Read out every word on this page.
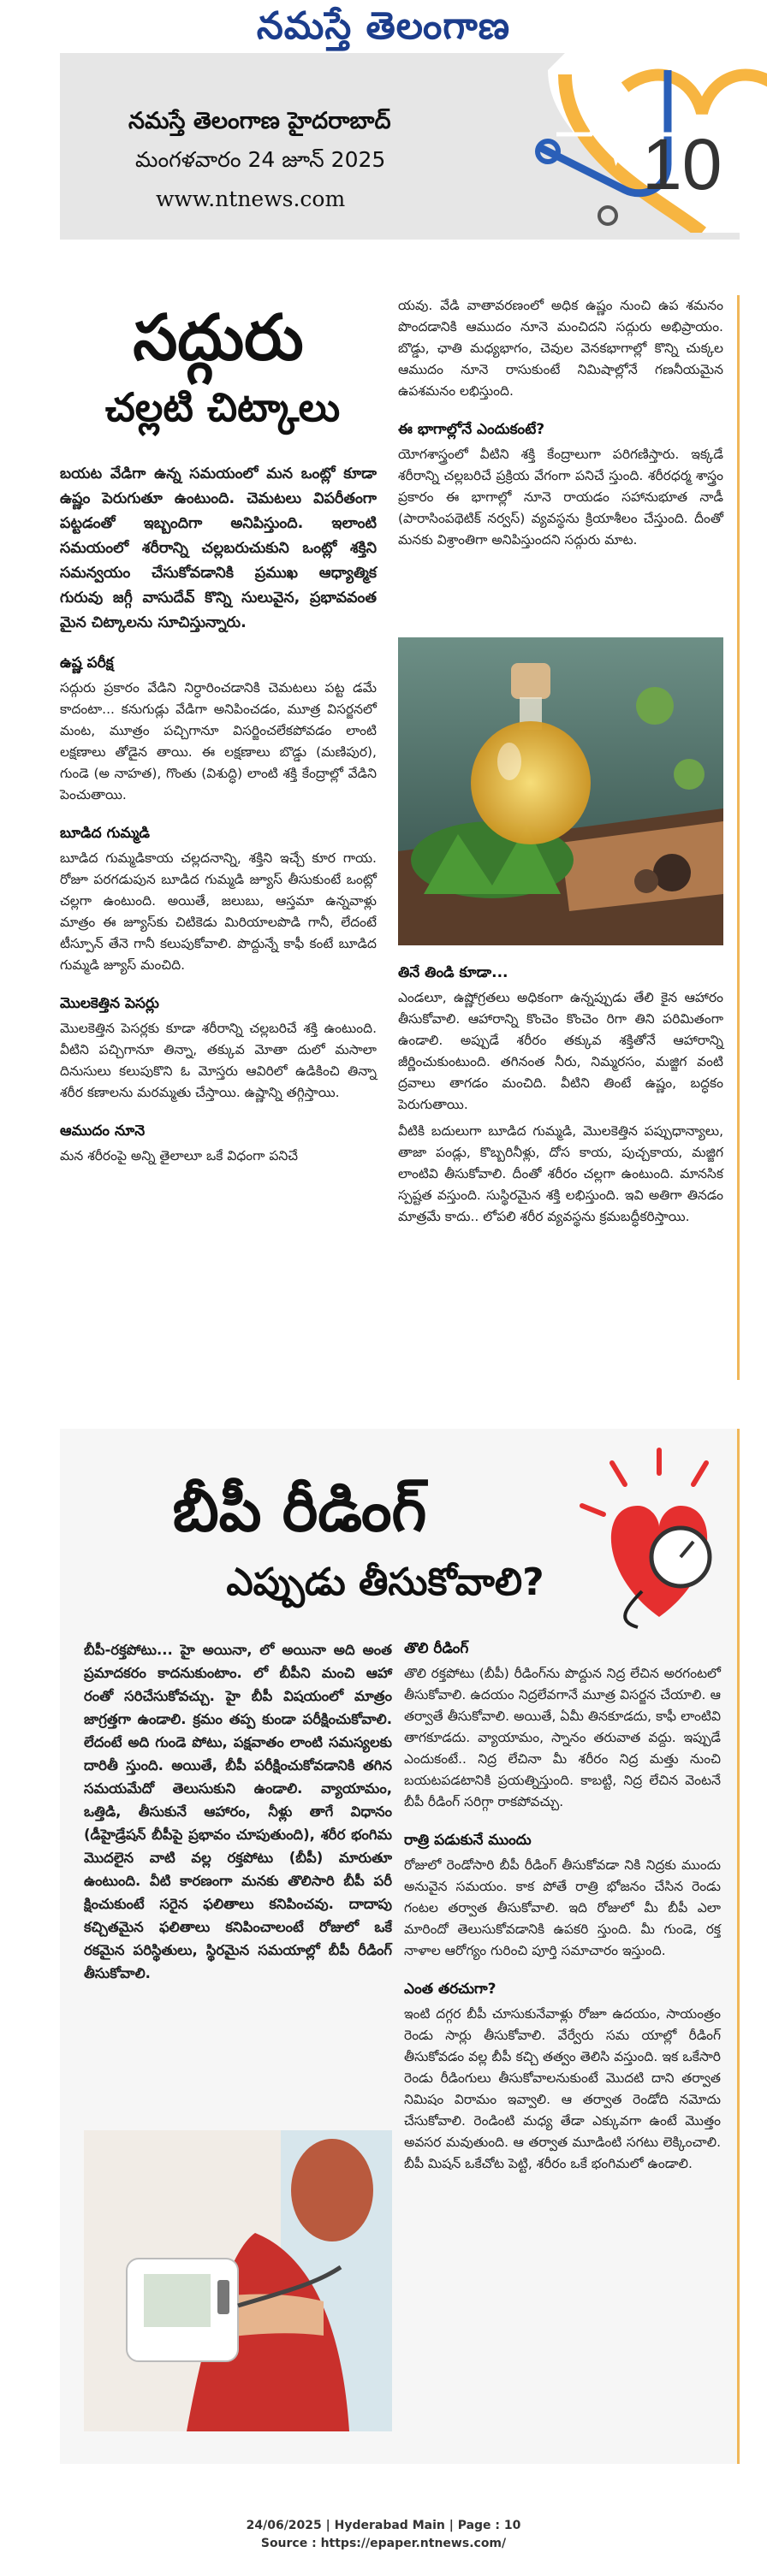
నమస్తే తెలంగాణ
నమస్తే తెలంగాణ హైదరాబాద్
మంగళవారం 24 జూన్ 2025
www.ntnews.com	10
సద్గురు
చల్లటి చిట్కాలు

బయట వేడిగా ఉన్న సమయంలో మన ఒంట్లో కూడా ఉష్ణం పెరుగుతూ ఉంటుంది. చెమటలు విపరీతంగా పట్టడంతో ఇబ్బందిగా అనిపిస్తుంది. ఇలాంటి సమయంలో శరీరాన్ని చల్లబరుచుకుని ఒంట్లో శక్తిని సమన్వయం చేసుకోవడానికి ప్రముఖ ఆధ్యాత్మిక గురువు జగ్గీ వాసుదేవ్ కొన్ని సులువైన, ప్రభావవంత మైన చిట్కాలను సూచిస్తున్నారు.

ఉష్ణ పరీక్ష

సద్గురు ప్రకారం వేడిని నిర్ధారించడానికి చెమటలు పట్ట డమే కాదంటా... కనుగుడ్లు వేడిగా అనిపించడం, మూత్ర విసర్జనలో మంట, మూత్రం పచ్చిగానూ విసర్జించలేకపోవడం లాంటి లక్షణాలు తోడైన తాయి. ఈ లక్షణాలు బొడ్డు (మణిపుర), గుండె (అ నాహత), గొంతు (విశుద్ధి) లాంటి శక్తి కేంద్రాల్లో వేడిని పెంచుతాయి.

బూడిద గుమ్మడి

బూడిద గుమ్మడికాయ చల్లదనాన్ని, శక్తిని ఇచ్చే కూర గాయ. రోజూ పరగడుపున బూడిద గుమ్మడి జ్యూస్ తీసుకుంటే ఒంట్లో చల్లగా ఉంటుంది. అయితే, జలుబు, ఆస్తమా ఉన్నవాళ్లు మాత్రం ఈ జ్యూస్‌కు చిటికెడు మిరియాలపొడి గానీ, లేదంటే టీస్పూన్ తేనె గానీ కలుపుకోవాలి. పొద్దున్నే కాఫీ కంటే బూడిద గుమ్మడి జ్యూస్ మంచిది.

మొలకెత్తిన పెసర్లు

మొలకెత్తిన పెసర్లకు కూడా శరీరాన్ని చల్లబరిచే శక్తి ఉంటుంది. వీటిని పచ్చిగానూ తిన్నా, తక్కువ మోతా దులో మసాలా దినుసులు కలుపుకొని ఓ మోస్తరు ఆవిరిలో ఉడికించి తిన్నా శరీర కణాలను మరమ్మతు చేస్తాయి. ఉష్ణాన్ని తగ్గిస్తాయి.

ఆముదం నూనె

మన శరీరంపై అన్ని తైలాలూ ఒకే విధంగా పనిచే

యవు. వేడి వాతావరణంలో అధిక ఉష్ణం నుంచి ఉప శమనం పొందడానికి ఆముదం నూనె మంచిదని సద్గురు అభిప్రాయం. బొడ్డు, ఛాతి మధ్యభాగం, చెవుల వెనకభాగాల్లో కొన్ని చుక్కల ఆముదం నూనె రాసుకుంటే నిమిషాల్లోనే గణనీయమైన ఉపశమనం లభిస్తుంది.

ఈ భాగాల్లోనే ఎందుకంటే?

యోగశాస్త్రంలో వీటిని శక్తి కేంద్రాలుగా పరిగణిస్తారు. ఇక్కడే శరీరాన్ని చల్లబరిచే ప్రక్రియ వేగంగా పనిచే స్తుంది. శరీరధర్మ శాస్త్రం ప్రకారం ఈ భాగాల్లో నూనె రాయడం సహానుభూత నాడీ (పారాసింపథెటిక్ నర్వస్) వ్యవస్థను క్రియాశీలం చేస్తుంది. దీంతో మనకు విశ్రాంతిగా అనిపిస్తుందని సద్గురు మాట.

తినే తిండి కూడా...

ఎండలూ, ఉష్ణోగ్రతలు అధికంగా ఉన్నప్పుడు తేలి కైన ఆహారం తీసుకోవాలి. ఆహారాన్ని కొంచెం కొంచెం రిగా తిని పరిమితంగా ఉండాలి. అప్పుడే శరీరం తక్కువ శక్తితోనే ఆహారాన్ని జీర్ణించుకుంటుంది. తగినంత నీరు, నిమ్మరసం, మజ్జిగ వంటి ద్రవాలు తాగడం మంచిది. వీటిని తింటే ఉష్ణం, బద్ధకం పెరుగుతాయి.

వీటికి బదులుగా బూడిద గుమ్మడి, మొలకెత్తిన పప్పుధాన్యాలు, తాజా పండ్లు, కొబ్బరినీళ్లు, దోస కాయ, పుచ్చకాయ, మజ్జిగ లాంటివి తీసుకోవాలి. దీంతో శరీరం చల్లగా ఉంటుంది. మానసిక స్పష్టత వస్తుంది. సుస్థిరమైన శక్తి లభిస్తుంది. ఇవి అతిగా తినడం మాత్రమే కాదు.. లోపలి శరీర వ్యవస్థను క్రమబద్ధీకరిస్తాయి.

బీపీ రీడింగ్
ఎప్పుడు తీసుకోవాలి?

బీపీ-రక్తపోటు... హై అయినా, లో అయినా అది అంత ప్రమాదకరం కాదనుకుంటాం. లో బీపీని మంచి ఆహా రంతో సరిచేసుకోవచ్చు. హై బీపీ విషయంలో మాత్రం జాగ్రత్తగా ఉండాలి. క్రమం తప్ప కుండా పరీక్షించుకోవాలి. లేదంటే అది గుండె పోటు, పక్షవాతం లాంటి సమస్యలకు దారితీ స్తుంది. అయితే, బీపీ పరీక్షించుకోవడానికి తగిన సమయమేదో తెలుసుకుని ఉండాలి. వ్యాయామం, ఒత్తిడి, తీసుకునే ఆహారం, నీళ్లు తాగే విధానం (డీహైడ్రేషన్ బీపీపై ప్రభావం చూపుతుంది), శరీర భంగిమ మొదలైన వాటి వల్ల రక్తపోటు (బీపీ) మారుతూ ఉంటుంది. వీటి కారణంగా మనకు తొలిసారి బీపీ పరీ క్షించుకుంటే సరైన ఫలితాలు కనిపించవు. దాదాపు కచ్చితమైన ఫలితాలు కనిపించాలంటే రోజులో ఒకే రకమైన పరిస్థితులు, స్థిరమైన సమయాల్లో బీపీ రీడింగ్ తీసుకోవాలి.

తొలి రీడింగ్

తొలి రక్తపోటు (బీపీ) రీడింగ్‌ను పొద్దున నిద్ర లేచిన అరగంటలో తీసుకోవాలి. ఉదయం నిద్రలేవగానే మూత్ర విసర్జన చేయాలి. ఆ తర్వాతే తీసుకోవాలి. అయితే, ఏమీ తినకూడదు, కాఫీ లాంటివి తాగకూడదు. వ్యాయామం, స్నానం తరువాత వద్దు. ఇప్పుడే ఎందుకంటే.. నిద్ర లేచినా మీ శరీరం నిద్ర మత్తు నుంచి బయటపడటానికి ప్రయత్నిస్తుంది. కాబట్టి, నిద్ర లేచిన వెంటనే బీపీ రీడింగ్ సరిగ్గా రాకపోవచ్చు.

రాత్రి పడుకునే ముందు

రోజులో రెండోసారి బీపీ రీడింగ్ తీసుకోవడా నికి నిద్రకు ముందు అనువైన సమయం. కాక పోతే రాత్రి భోజనం చేసిన రెండు గంటల తర్వాత తీసుకోవాలి. ఇది రోజులో మీ బీపీ ఎలా మారిందో తెలుసుకోవడానికి ఉపకరి స్తుంది. మీ గుండె, రక్త నాళాల ఆరోగ్యం గురించి పూర్తి సమాచారం ఇస్తుంది.

ఎంత తరచుగా?

ఇంటి దగ్గర బీపీ చూసుకునేవాళ్లు రోజూ ఉదయం, సాయంత్రం రెండు సార్లు తీసుకోవాలి. వేర్వేరు సమ యాల్లో రీడింగ్ తీసుకోవడం వల్ల బీపీ కచ్చి తత్వం తెలిసి వస్తుంది. ఇక ఒకేసారి రెండు రీడింగులు తీసుకోవాలనుకుంటే మొదటి దాని తర్వాత నిమిషం విరామం ఇవ్వాలి. ఆ తర్వాత రెండోది నమోదు చేసుకోవాలి. రెండింటి మధ్య తేడా ఎక్కువగా ఉంటే మొత్తం అవసర మవుతుంది. ఆ తర్వాత మూడింటి సగటు లెక్కించాలి. బీపీ మిషన్ ఒకేచోట పెట్టి, శరీరం ఒకే భంగిమలో ఉండాలి.

24/06/2025 | Hyderabad Main | Page : 10
Source : https://epaper.ntnews.com/
